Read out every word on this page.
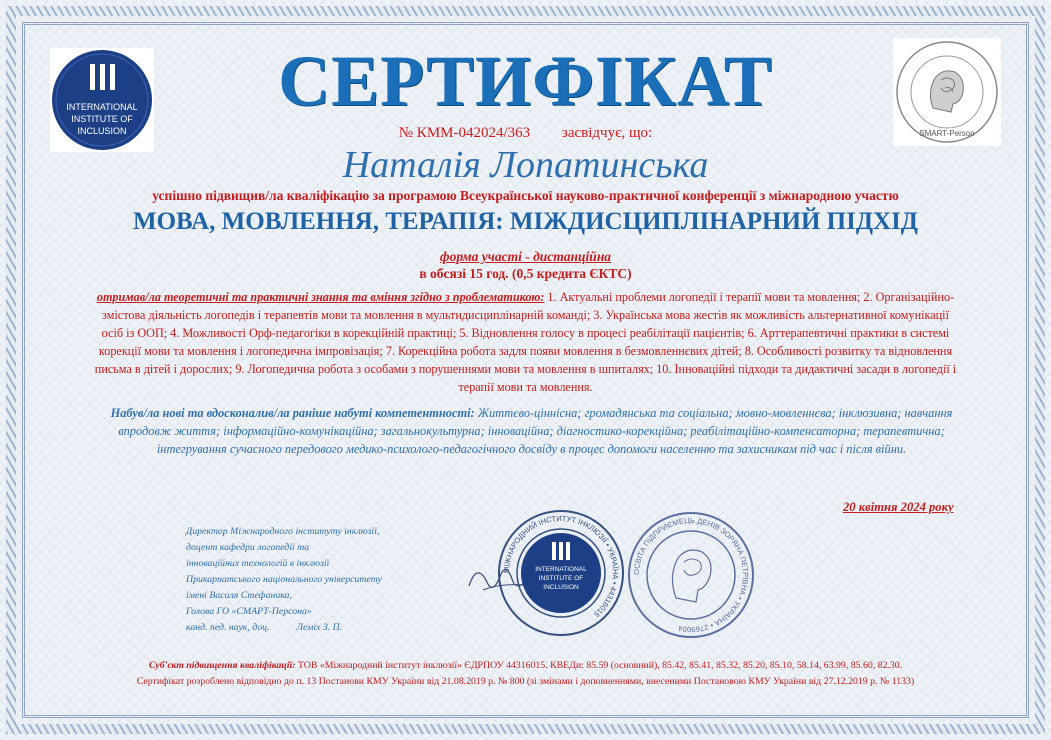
INTERNATIONAL
INSTITUTE OF
INCLUSION	SMART-Person
СЕРТИФІКАТ
№ КММ-042024/363 засвідчує, що:
Наталія Лопатинська
успішно підвищив/ла кваліфікацію за програмою Всеукраїнської науково-практичної конференції з міжнародною участю
МОВА, МОВЛЕННЯ, ТЕРАПІЯ: МІЖДИСЦИПЛІНАРНИЙ ПІДХІД
форма участі - дистанційна
в обсязі 15 год. (0,5 кредита ЄКТС)
отримав/ла теоретичні та практичні знання та вміння згідно з проблематикою: 1. Актуальні проблеми логопедії і терапії мови та мовлення; 2. Організаційно-змістова діяльність логопедів і терапевтів мови та мовлення в мультидисциплінарній команді; 3. Українська мова жестів як можливість альтернативної комунікації осіб із ООП; 4. Можливості Орф-педагогіки в корекційній практиці; 5. Відновлення голосу в процесі реабілітації пацієнтів; 6. Арттерапевтичні практики в системі корекції мови та мовлення і логопедична імпровізація; 7. Корекційна робота задля появи мовлення в безмовленнєвих дітей; 8. Особливості розвитку та відновлення письма в дітей і дорослих; 9. Логопедична робота з особами з порушеннями мови та мовлення в шпиталях; 10. Інноваційні підходи та дидактичні засади в логопедії і терапії мови та мовлення.
Набув/ла нові та вдосконалив/ла раніше набуті компетентності: Життєво-ціннісна; громадянська та соціальна; мовно-мовленнєва; інклюзивна; навчання впродовж життя; інформаційно-комунікаційна; загальнокультурна; інноваційна; діагностико-корекційна; реабілітаційно-компенсаторна; терапевтична; інтегрування сучасного передового медико-психолого-педагогічного досвіду в процес допомоги населенню та захисникам під час і після війни.
20 квітня 2024 року
Директор Міжнародного інституту інклюзії,
доцент кафедри логопедії та
інноваційних технологій в інклюзії
Прикарпатського національного університету
імені Василя Стефаника,
Голова ГО «СМАРТ-Персона»
канд. пед. наук, доц.           Леміх З. П.
МІЖНАРОДНИЙ ІНСТИТУТ ІНКЛЮЗІЇ • УКРАЇНА • 44316015
INTERNATIONAL
INSTITUTE OF
INCLUSION
ОСВІТА ПІДПРИЄМЕЦЬ ДЕНІВ ЗОРЯНА ПЕТРІВНА • УКРАЇНА • 2769004
Суб'єкт підвищення кваліфікації: ТОВ «Міжнародний інститут інклюзії» ЄДРПОУ 44316015. КВЕДи: 85.59 (основний), 85.42, 85.41, 85.32, 85.20, 85.10, 58.14, 63.99, 85.60, 82.30.
Сертифікат розроблено відповідно до п. 13 Постанови КМУ України від 21.08.2019 р. № 800 (зі змінами і доповненнями, внесеними Постановою КМУ України від 27.12.2019 р. № 1133)
